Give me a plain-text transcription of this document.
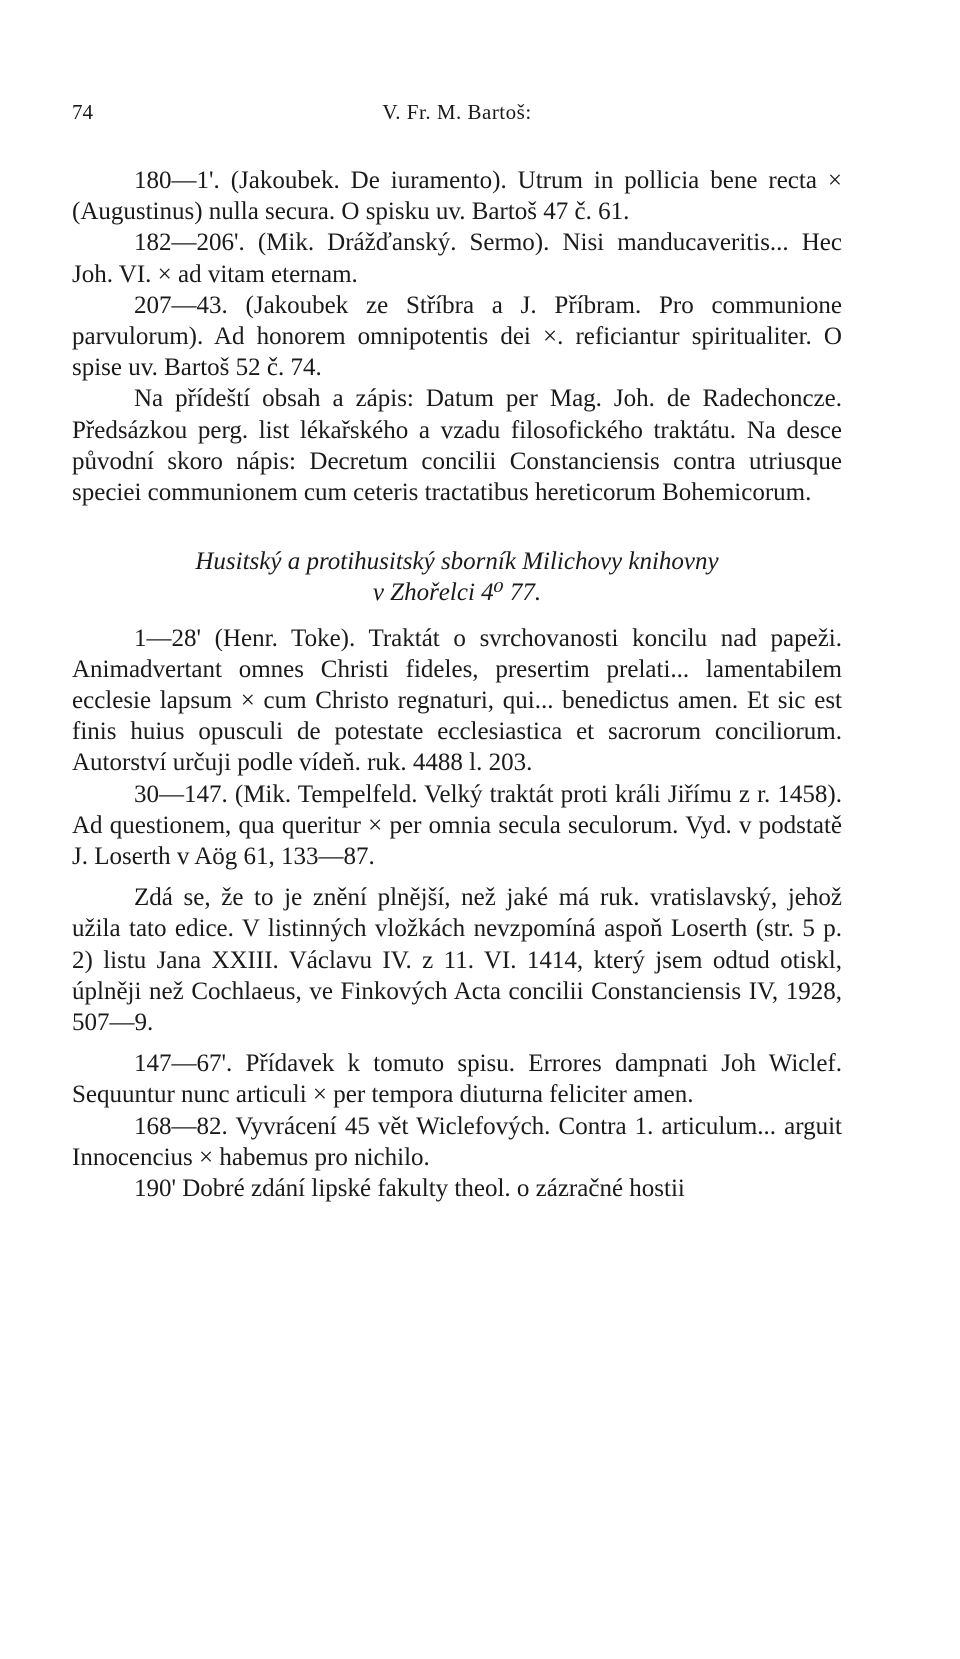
74	V. Fr. M. Bartoš:

180—1'. (Jakoubek. De iuramento). Utrum in pollicia bene recta × (Augustinus) nulla secura. O spisku uv. Bartoš 47 č. 61.

182—206'. (Mik. Drážďanský. Sermo). Nisi manducaveritis... Hec Joh. VI. × ad vitam eternam.

207—43. (Jakoubek ze Stříbra a J. Příbram. Pro communione parvulorum). Ad honorem omnipotentis dei ×. reficiantur spiritualiter. O spise uv. Bartoš 52 č. 74.

Na přídeští obsah a zápis: Datum per Mag. Joh. de Radechoncze. Předsázkou perg. list lékařského a vzadu filosofického traktátu. Na desce původní skoro nápis: Decretum concilii Constanciensis contra utriusque speciei communionem cum ceteris tractatibus hereticorum Bohemicorum.

Husitský a protihusitský sborník Milichovy knihovny
v Zhořelci 4⁰ 77.

1—28' (Henr. Toke). Traktát o svrchovanosti koncilu nad papeži. Animadvertant omnes Christi fideles, presertim prelati... lamentabilem ecclesie lapsum × cum Christo regnaturi, qui... benedictus amen. Et sic est finis huius opusculi de potestate ecclesiastica et sacrorum conciliorum. Autorství určuji podle vídeň. ruk. 4488 l. 203.

30—147. (Mik. Tempelfeld. Velký traktát proti králi Jiřímu z r. 1458). Ad questionem, qua queritur × per omnia secula seculorum. Vyd. v podstatě J. Loserth v Aög 61, 133—87.

Zdá se, že to je znění plnější, než jaké má ruk. vratislavský, jehož užila tato edice. V listinných vložkách nevzpomíná aspoň Loserth (str. 5 p. 2) listu Jana XXIII. Václavu IV. z 11. VI. 1414, který jsem odtud otiskl, úplněji než Cochlaeus, ve Finkových Acta concilii Constanciensis IV, 1928, 507—9.

147—67'. Přídavek k tomuto spisu. Errores dampnati Joh Wiclef. Sequuntur nunc articuli × per tempora diuturna feliciter amen.

168—82. Vyvrácení 45 vět Wiclefových. Contra 1. articulum... arguit Innocencius × habemus pro nichilo.

190' Dobré zdání lipské fakulty theol. o zázračné hostii
